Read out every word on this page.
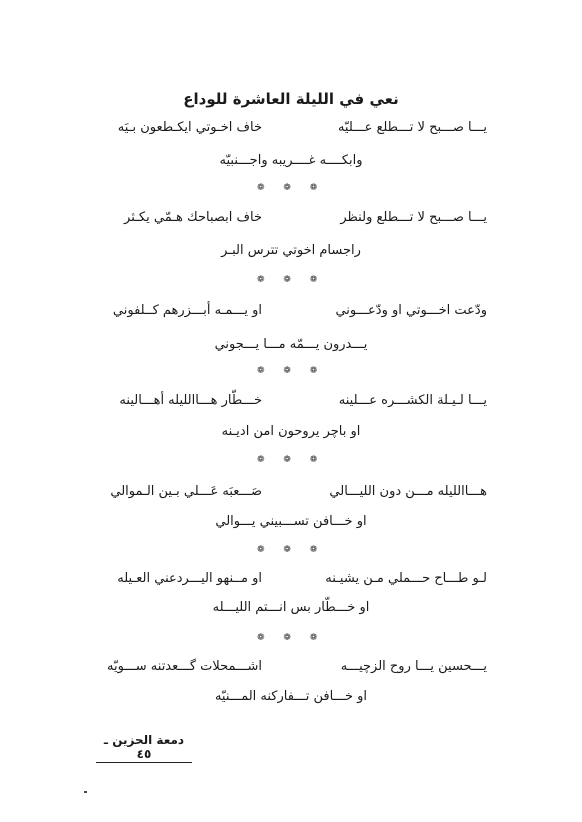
نعي في الليلة العاشرة للوداع
يـــا صـــبح لا تـــطلع عـــليّه
خاف اخـوتي ايكـطعون بـيَه
وابكــــه غــــريبه واجـــنبيّه
❁ ❁ ❁
يـــا صـــبح لا تـــطلع ولنظر
خاف ابصباحك هـمّي يكـثر
راجسام اخوتي تترس البـر
❁ ❁ ❁
ودّعت اخـــوتي او ودّعـــوني
او يـــمـه أبـــزرهم كــلفوني
يـــدرون يـــمّه مـــا يـــجوني
❁ ❁ ❁
يـــا لـيـلة الكشـــره عـــلينه
خـــطّار هـــاالليله أهـــالينه
او باچر يروحون امن اديـنه
❁ ❁ ❁
هـــاالليله مـــن دون الليـــالي
صَـــعبَه عَـــلي بـين الـموالي
او خـــافن تســـبيني يـــوالي
❁ ❁ ❁
لـو طـــاح حـــملي مـن يشيـنه
او مــنهو اليـــردعني العـيله
او خـــطّار بس انـــتم الليـــله
❁ ❁ ❁
يـــحسين يـــا روح الزچيـــه
اشـــمحلات گـــعدتنه ســـويّه
او خـــافن تـــفاركنه المـــنيّه
دمعة الحزين ـ ٤٥
